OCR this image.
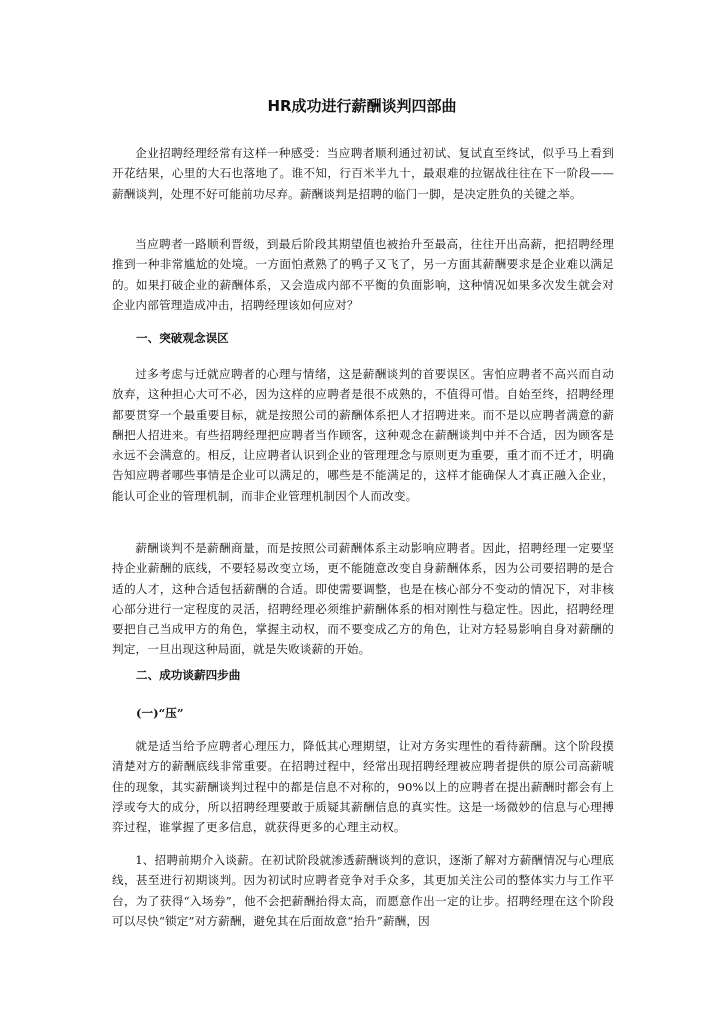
HR成功进行薪酬谈判四部曲

企业招聘经理经常有这样一种感受：当应聘者顺利通过初试、复试直至终试，似乎马上看到开花结果，心里的大石也落地了。谁不知，行百米半九十，最艰难的拉锯战往往在下一阶段——薪酬谈判，处理不好可能前功尽弃。薪酬谈判是招聘的临门一脚，是决定胜负的关键之举。

当应聘者一路顺利晋级，到最后阶段其期望值也被抬升至最高，往往开出高薪，把招聘经理推到一种非常尴尬的处境。一方面怕煮熟了的鸭子又飞了，另一方面其薪酬要求是企业难以满足的。如果打破企业的薪酬体系，又会造成内部不平衡的负面影响，这种情况如果多次发生就会对企业内部管理造成冲击，招聘经理该如何应对？

一、突破观念误区

过多考虑与迁就应聘者的心理与情绪，这是薪酬谈判的首要误区。害怕应聘者不高兴而自动放弃，这种担心大可不必，因为这样的应聘者是很不成熟的，不值得可惜。自始至终，招聘经理都要贯穿一个最重要目标，就是按照公司的薪酬体系把人才招聘进来。而不是以应聘者满意的薪酬把人招进来。有些招聘经理把应聘者当作顾客，这种观念在薪酬谈判中并不合适，因为顾客是永远不会满意的。相反，让应聘者认识到企业的管理理念与原则更为重要，重才而不迁才，明确告知应聘者哪些事情是企业可以满足的，哪些是不能满足的，这样才能确保人才真正融入企业，能认可企业的管理机制，而非企业管理机制因个人而改变。

薪酬谈判不是薪酬商量，而是按照公司薪酬体系主动影响应聘者。因此，招聘经理一定要坚持企业薪酬的底线，不要轻易改变立场，更不能随意改变自身薪酬体系，因为公司要招聘的是合适的人才，这种合适包括薪酬的合适。即使需要调整，也是在核心部分不变动的情况下，对非核心部分进行一定程度的灵活，招聘经理必须维护薪酬体系的相对刚性与稳定性。因此，招聘经理要把自己当成甲方的角色，掌握主动权，而不要变成乙方的角色，让对方轻易影响自身对薪酬的判定，一旦出现这种局面，就是失败谈薪的开始。

二、成功谈薪四步曲
(一)“压”

就是适当给予应聘者心理压力，降低其心理期望，让对方务实理性的看待薪酬。这个阶段摸清楚对方的薪酬底线非常重要。在招聘过程中，经常出现招聘经理被应聘者提供的原公司高薪唬住的现象，其实薪酬谈判过程中的都是信息不对称的，90%以上的应聘者在提出薪酬时都会有上浮或夸大的成分，所以招聘经理要敢于质疑其薪酬信息的真实性。这是一场微妙的信息与心理搏弈过程，谁掌握了更多信息，就获得更多的心理主动权。

1、招聘前期介入谈薪。在初试阶段就渗透薪酬谈判的意识，逐渐了解对方薪酬情况与心理底线，甚至进行初期谈判。因为初试时应聘者竞争对手众多，其更加关注公司的整体实力与工作平台，为了获得“入场券”，他不会把薪酬抬得太高，而愿意作出一定的让步。招聘经理在这个阶段可以尽快“锁定”对方薪酬，避免其在后面故意“抬升”薪酬，因
